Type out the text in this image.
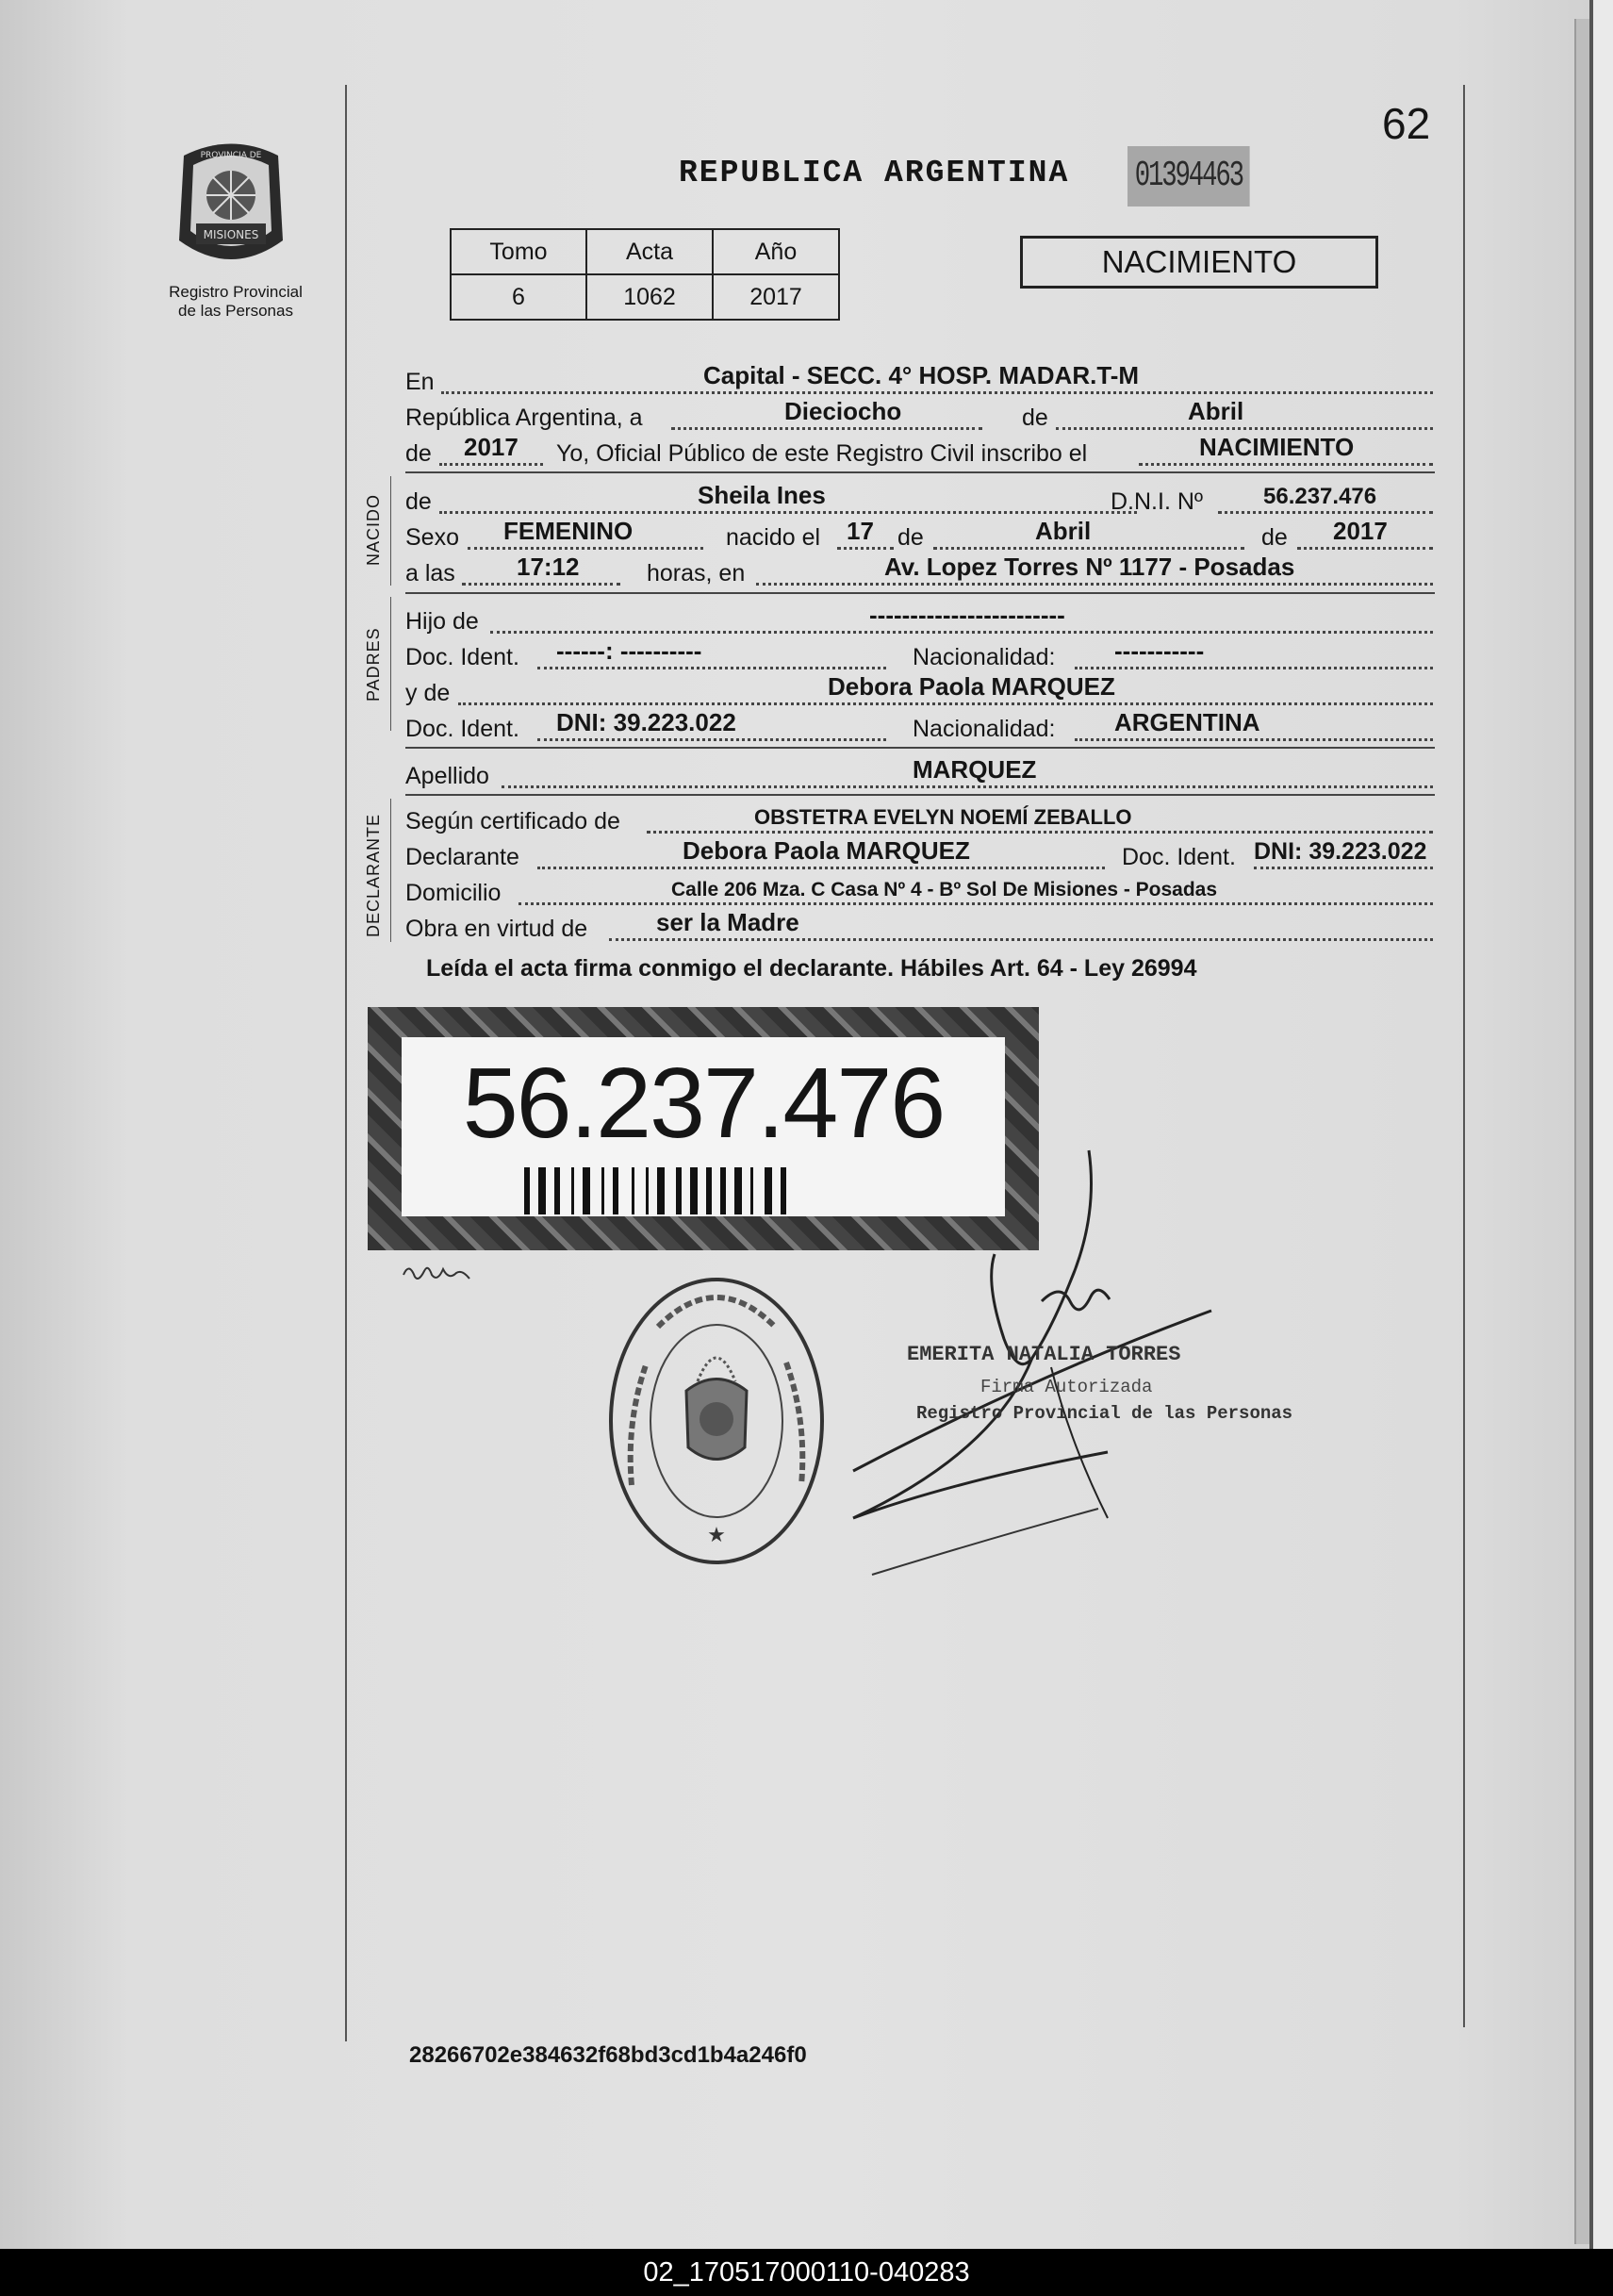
62
MISIONES
PROVINCIA DE
Registro Provincial
de las Personas
REPUBLICA ARGENTINA 01394463
Tomo	Acta	Año
6	1062	2017
NACIMIENTO
En	Capital - SECC. 4° HOSP. MADAR.T-M
República Argentina, a	Dieciocho	de	Abril
de 2017 Yo, Oficial Público de este Registro Civil inscribo el	NACIMIENTO
NACIDO de	Sheila Ines	D.N.I. Nº	56.237.476
Sexo FEMENINO	nacido el 17 de	Abril	de 2017
a las	17:12	horas, en	Av. Lopez Torres Nº 1177 - Posadas
PADRES
Hijo de	------------------------
Doc. Ident. ------: ----------	Nacionalidad: -----------
y de	Debora Paola MARQUEZ
Doc. Ident. DNI: 39.223.022	Nacionalidad: ARGENTINA
Apellido	MARQUEZ
DECLARANTE Según certificado de	OBSTETRA EVELYN NOEMÍ ZEBALLO
Declarante	Debora Paola MARQUEZ	Doc. Ident. DNI: 39.223.022
Domicilio	Calle 206 Mza. C Casa Nº 4 - Bº Sol De Misiones - Posadas
Obra en virtud de	ser la Madre
Leída el acta firma conmigo el declarante. Hábiles Art. 64 - Ley 26994
56.237.476
★
EMERITA NATALIA TORRES
Firma Autorizada
Registro Provincial de las Personas
28266702e384632f68bd3cd1b4a246f0
02_170517000110-040283
